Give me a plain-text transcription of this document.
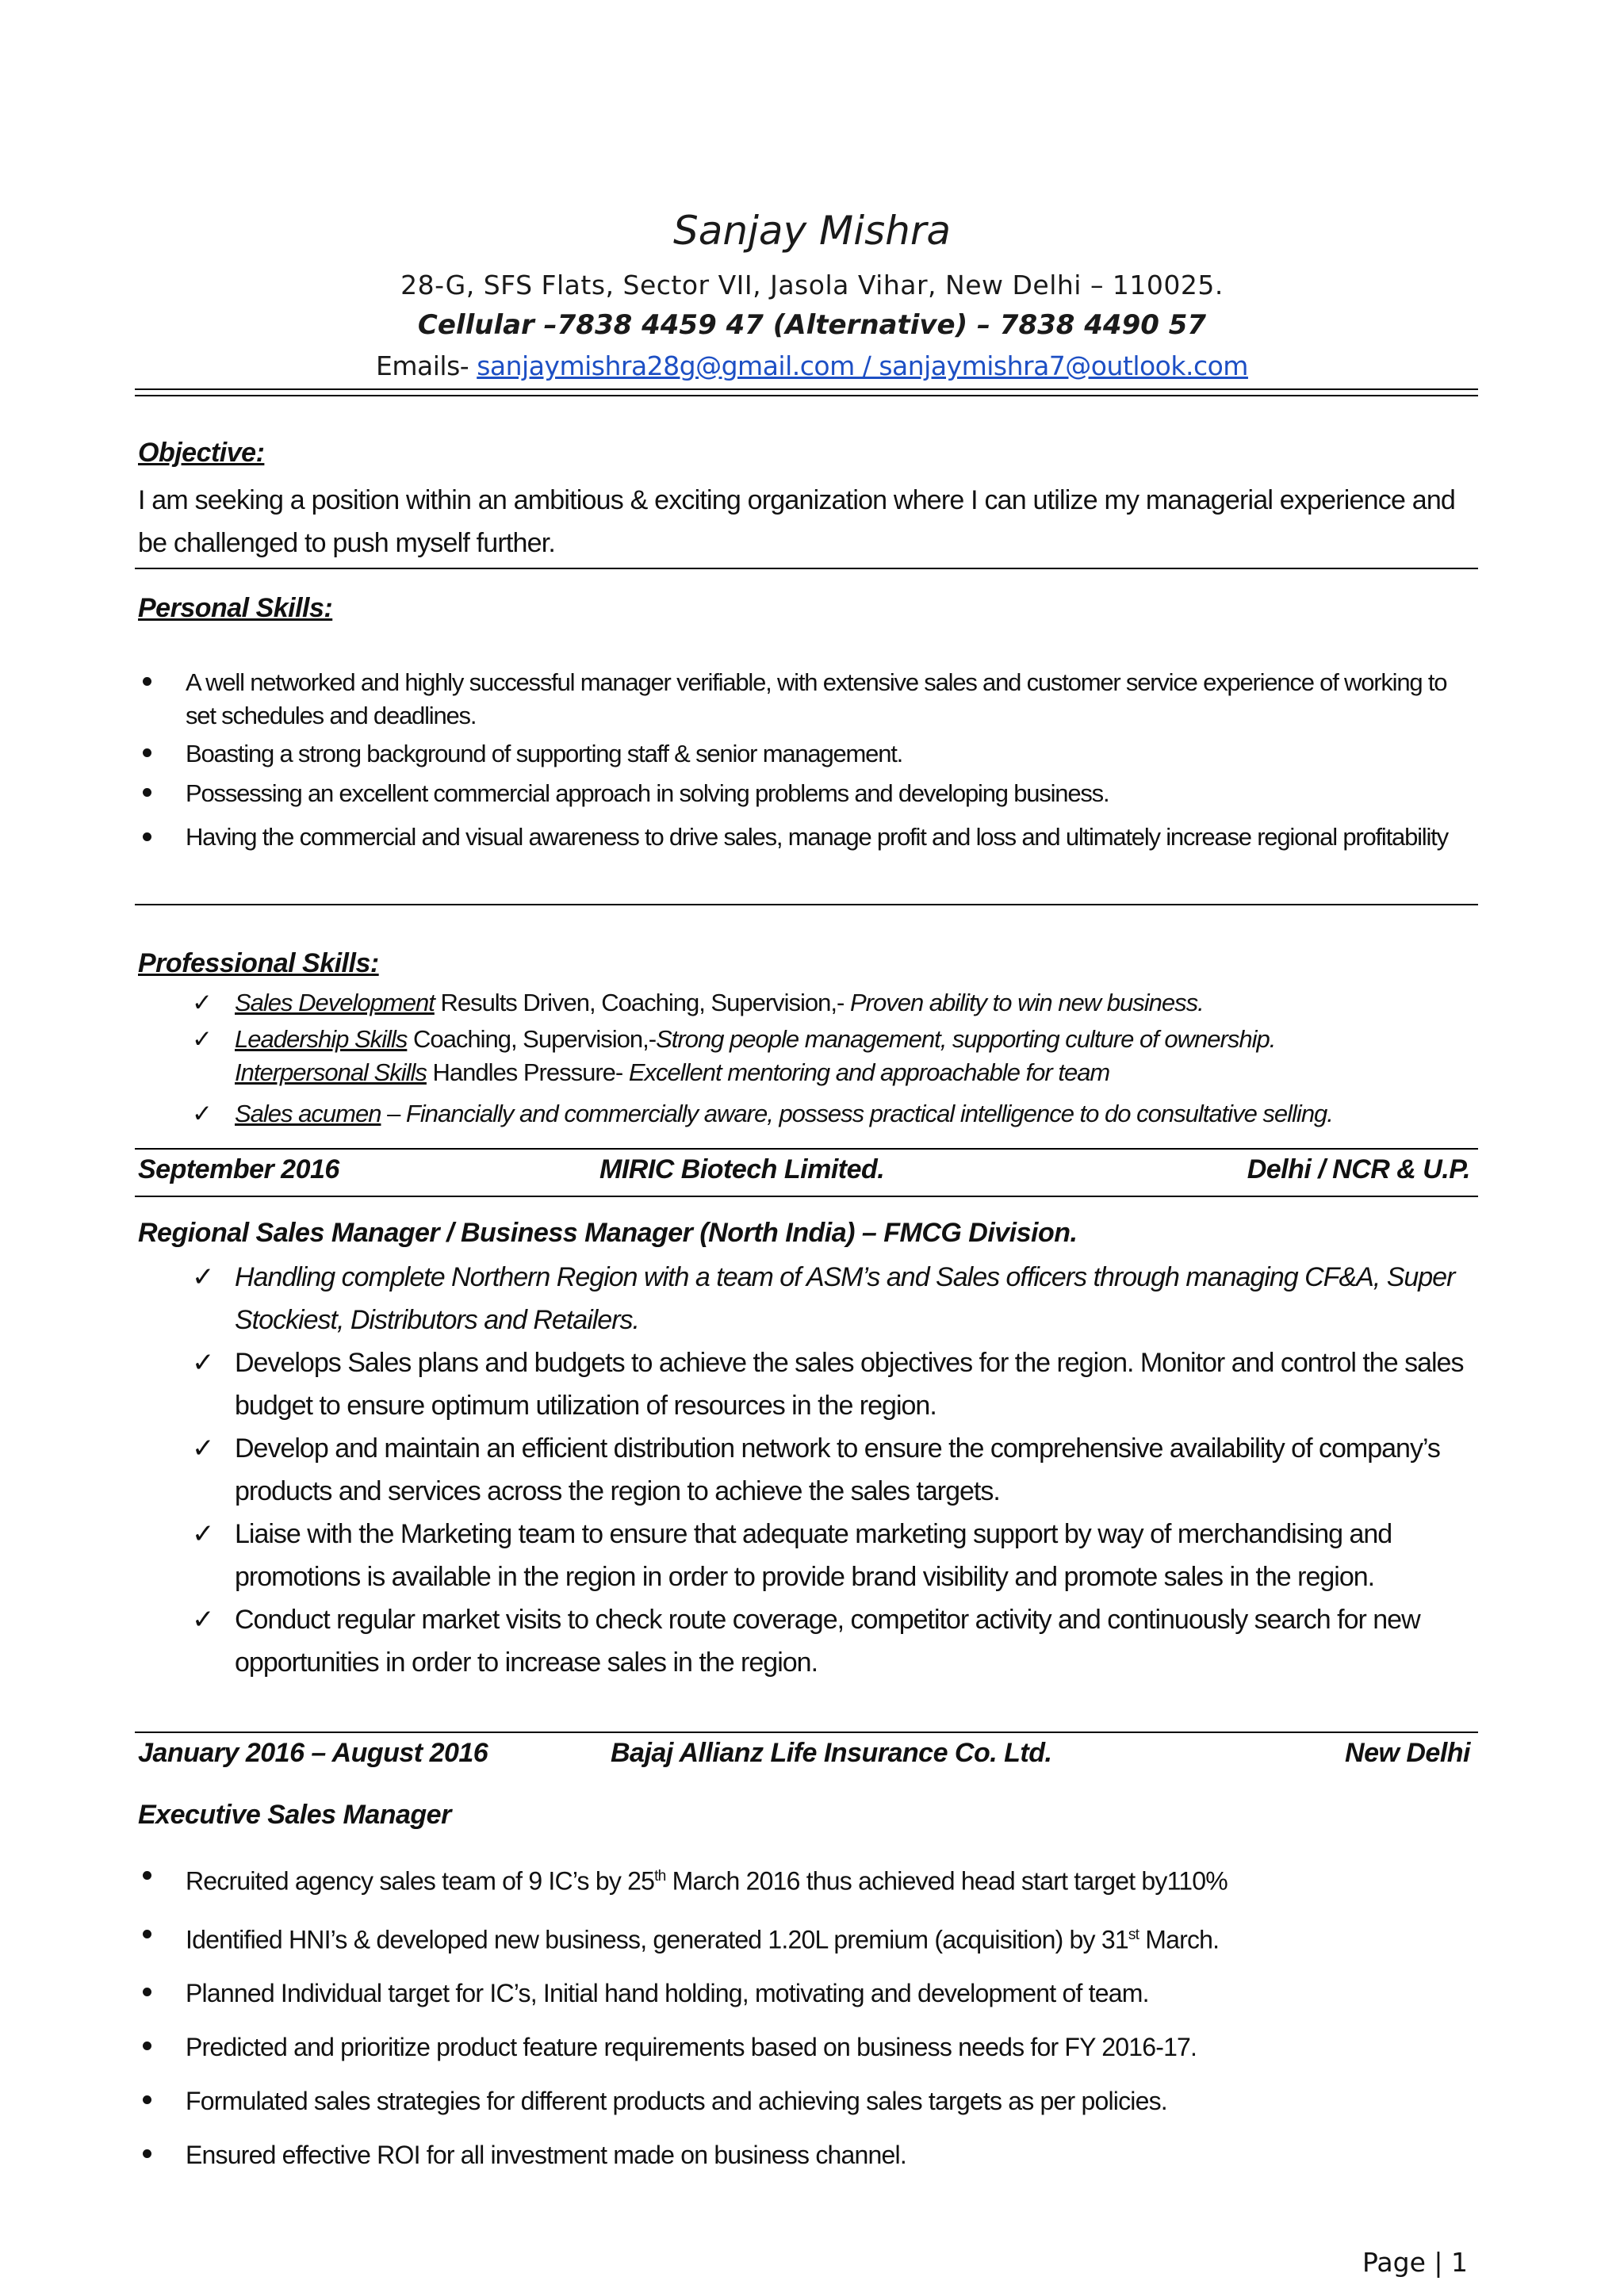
Sanjay Mishra
28-G, SFS Flats, Sector VII, Jasola Vihar, New Delhi – 110025.
Cellular –7838 4459 47 (Alternative) – 7838 4490 57
Emails- sanjaymishra28g@gmail.com / sanjaymishra7@outlook.com
Objective:
I am seeking a position within an ambitious & exciting organization where I can utilize my managerial experience and be challenged to push myself further.
Personal Skills:
A well networked and highly successful manager verifiable, with extensive sales and customer service experience of working to set schedules and deadlines.
Boasting a strong background of supporting staff & senior management.
Possessing an excellent commercial approach in solving problems and developing business.
Having the commercial and visual awareness to drive sales, manage profit and loss and ultimately increase regional profitability
Professional Skills:
✓ Sales Development Results Driven, Coaching, Supervision,- Proven ability to win new business.
✓ Leadership Skills Coaching, Supervision,-Strong people management, supporting culture of ownership.
Interpersonal Skills Handles Pressure- Excellent mentoring and approachable for team
✓ Sales acumen – Financially and commercially aware, possess practical intelligence to do consultative selling.
September 2016	MIRIC Biotech Limited.	Delhi / NCR & U.P.
Regional Sales Manager / Business Manager (North India) – FMCG Division.
✓ Handling complete Northern Region with a team of ASM’s and Sales officers through managing CF&A, Super Stockiest, Distributors and Retailers.
✓ Develops Sales plans and budgets to achieve the sales objectives for the region. Monitor and control the sales budget to ensure optimum utilization of resources in the region.
✓ Develop and maintain an efficient distribution network to ensure the comprehensive availability of company’s products and services across the region to achieve the sales targets.
✓ Liaise with the Marketing team to ensure that adequate marketing support by way of merchandising and promotions is available in the region in order to provide brand visibility and promote sales in the region.
✓ Conduct regular market visits to check route coverage, competitor activity and continuously search for new opportunities in order to increase sales in the region.
January 2016 – August 2016	Bajaj Allianz Life Insurance Co. Ltd.	New Delhi
Executive Sales Manager
Recruited agency sales team of 9 IC’s by 25th March 2016 thus achieved head start target by110%
Identified HNI’s & developed new business, generated 1.20L premium (acquisition) by 31st March.
Planned Individual target for IC’s, Initial hand holding, motivating and development of team.
Predicted and prioritize product feature requirements based on business needs for FY 2016-17.
Formulated sales strategies for different products and achieving sales targets as per policies.
Ensured effective ROI for all investment made on business channel.
Page | 1
